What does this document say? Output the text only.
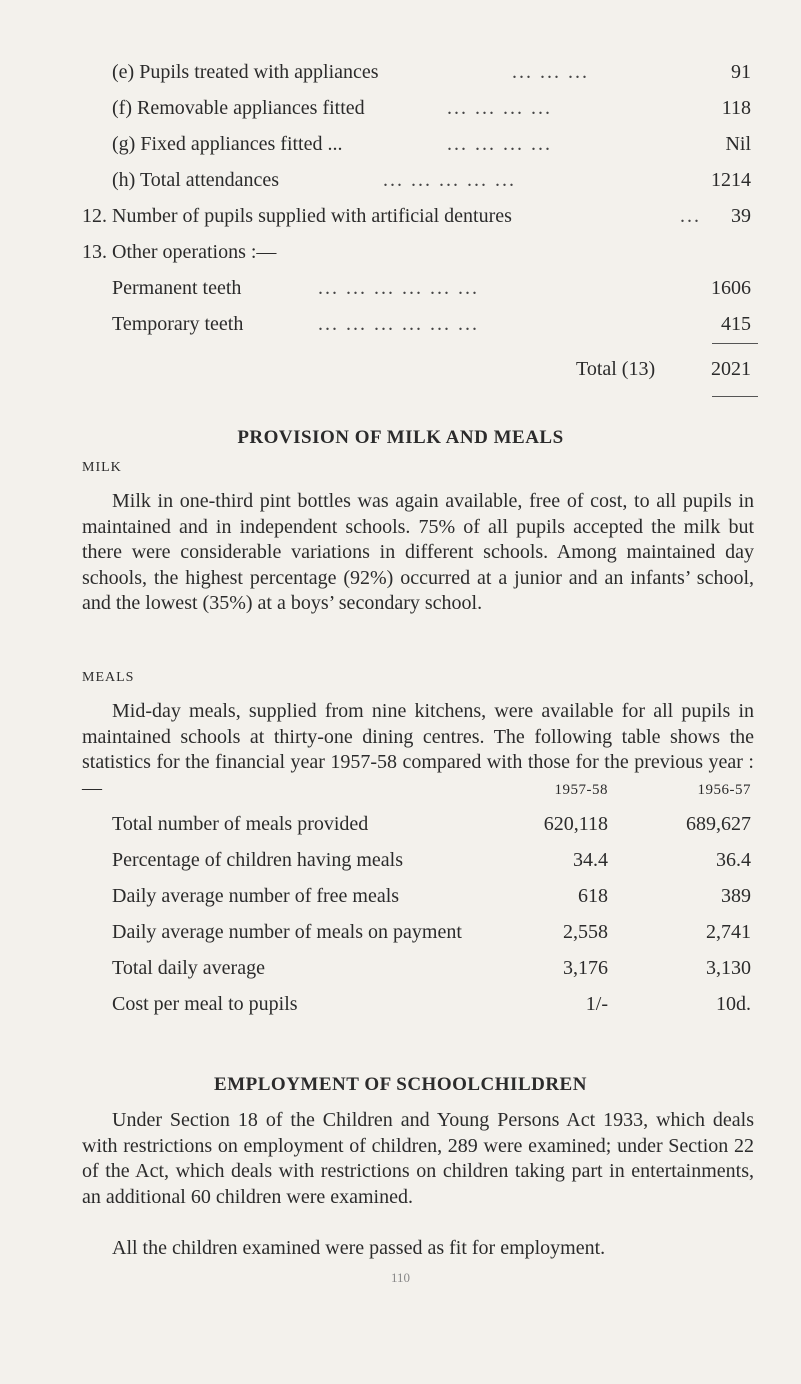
(e) Pupils treated with appliances	... ... ...	91
(f) Removable appliances fitted	... ... ... ...	118
(g) Fixed appliances fitted ...	... ... ... ...	Nil
(h) Total attendances	... ... ... ... ...	1214
12. Number of pupils supplied with artificial dentures	... 39
13. Other operations :—
Permanent teeth	... ... ... ... ... ...	1606
Temporary teeth	... ... ... ... ... ...	415
Total (13)	2021
PROVISION OF MILK AND MEALS
MILK
Milk in one-third pint bottles was again available, free of cost, to all pupils in maintained and in independent schools. 75% of all pupils accepted the milk but there were considerable variations in different schools. Among maintained day schools, the highest percentage (92%) occurred at a junior and an infants’ school, and the lowest (35%) at a boys’ secondary school.
MEALS
Mid-day meals, supplied from nine kitchens, were available for all pupils in maintained schools at thirty-one dining centres. The following table shows the statistics for the financial year 1957-58 compared with those for the previous year :—	1957-58	1956-57
Total number of meals provided	620,118	689,627
Percentage of children having meals	34.4	36.4
Daily average number of free meals	618	389
Daily average number of meals on payment	2,558	2,741
Total daily average	3,176	3,130
Cost per meal to pupils	1/-	10d.
EMPLOYMENT OF SCHOOLCHILDREN
Under Section 18 of the Children and Young Persons Act 1933, which deals with restrictions on employment of children, 289 were examined; under Section 22 of the Act, which deals with restrictions on children taking part in entertainments, an additional 60 children were examined.
All the children examined were passed as fit for employment.
110
